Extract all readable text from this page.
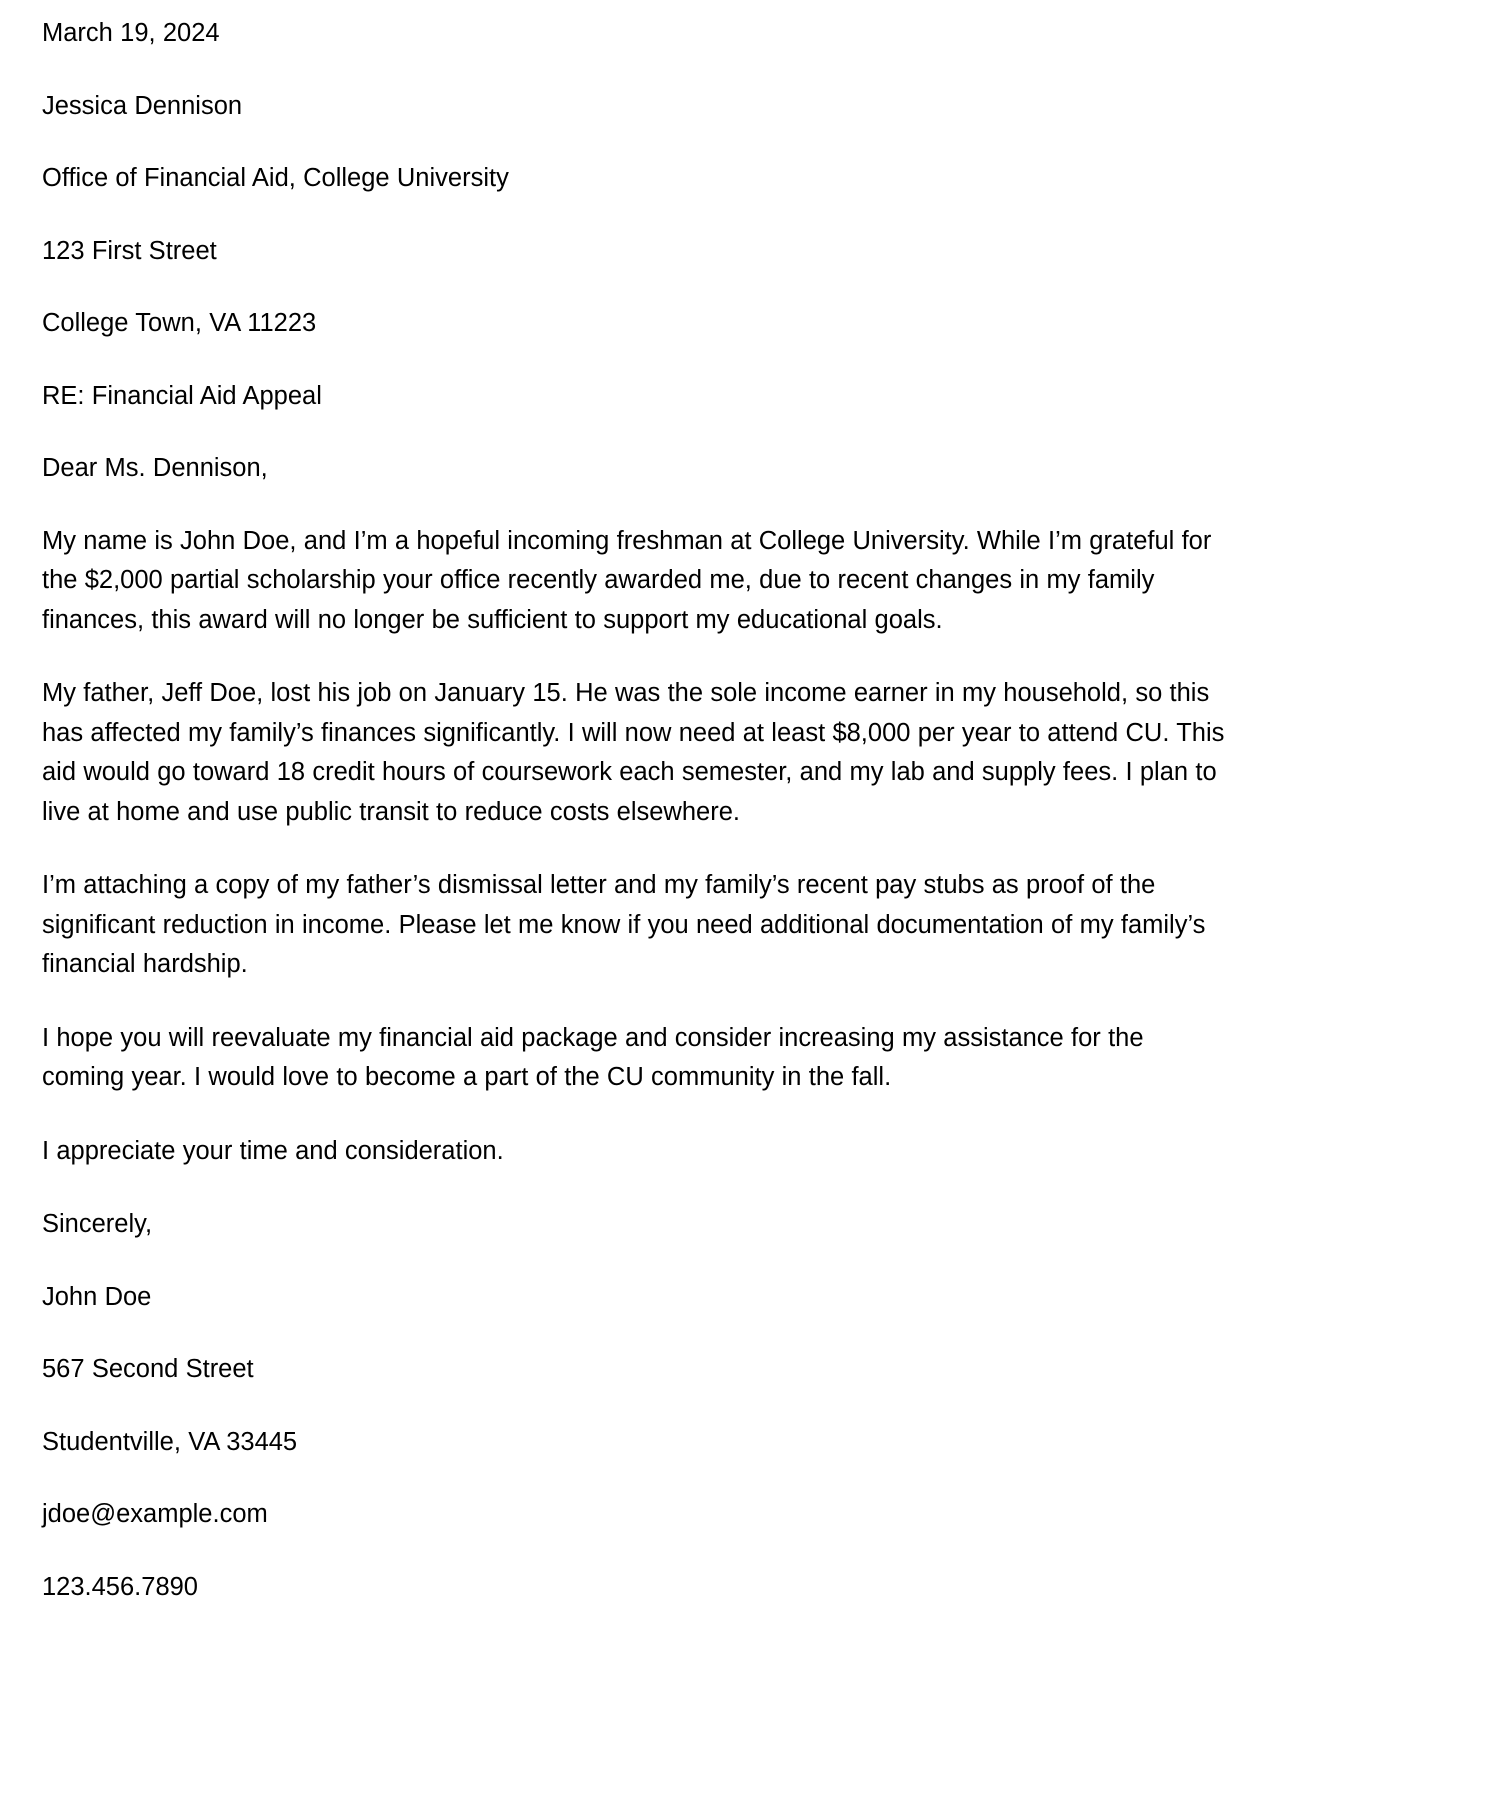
March 19, 2024

Jessica Dennison

Office of Financial Aid, College University

123 First Street

College Town, VA 11223

RE: Financial Aid Appeal

Dear Ms. Dennison,

My name is John Doe, and I’m a hopeful incoming freshman at College University. While I’m grateful for the $2,000 partial scholarship your office recently awarded me, due to recent changes in my family finances, this award will no longer be sufficient to support my educational goals.

My father, Jeff Doe, lost his job on January 15. He was the sole income earner in my household, so this has affected my family’s finances significantly. I will now need at least $8,000 per year to attend CU. This aid would go toward 18 credit hours of coursework each semester, and my lab and supply fees. I plan to live at home and use public transit to reduce costs elsewhere.

I’m attaching a copy of my father’s dismissal letter and my family’s recent pay stubs as proof of the significant reduction in income. Please let me know if you need additional documentation of my family’s financial hardship.

I hope you will reevaluate my financial aid package and consider increasing my assistance for the coming year. I would love to become a part of the CU community in the fall.

I appreciate your time and consideration.

Sincerely,

John Doe

567 Second Street

Studentville, VA 33445

jdoe@example.com

123.456.7890
